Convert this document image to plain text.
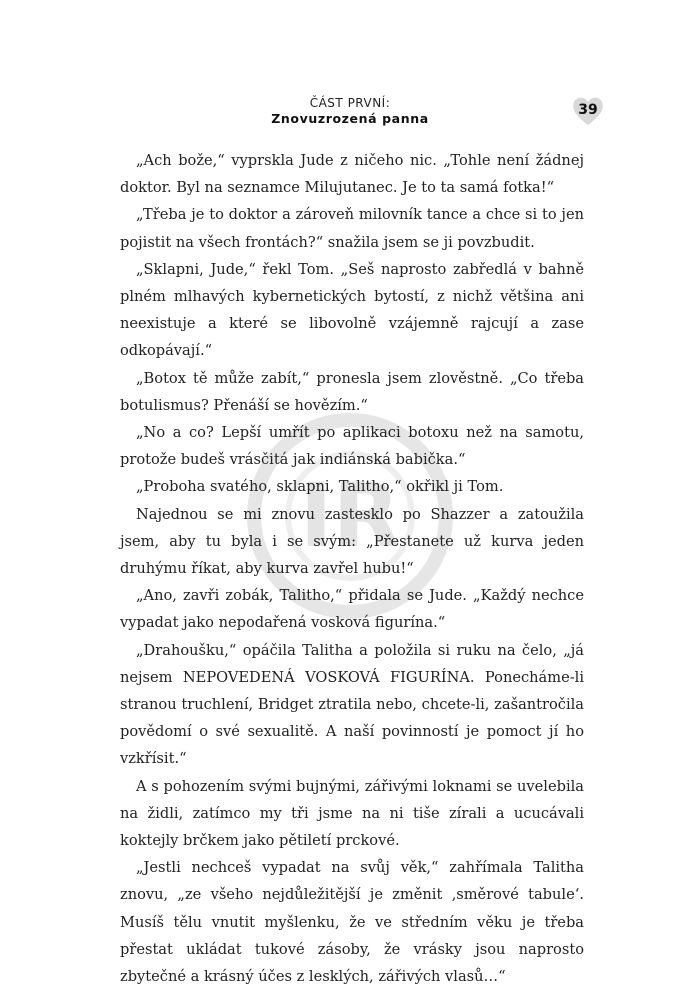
ČÁST PRVNÍ:
Znovuzrozená panna
39
IR

„Ach bože,“ vyprskla Jude z ničeho nic. „Tohle není žádnej doktor. Byl na seznamce Milujutanec. Je to ta samá fotka!“

„Třeba je to doktor a zároveň milovník tance a chce si to jen pojistit na všech frontách?“ snažila jsem se ji povzbudit.

„Sklapni, Jude,“ řekl Tom. „Seš naprosto zabředlá v bahně plném mlhavých kybernetických bytostí, z nichž většina ani neexistuje a které se libovolně vzájemně rajcují a zase odkopávají.“

„Botox tě může zabít,“ pronesla jsem zlověstně. „Co třeba botulismus? Přenáší se hovězím.“

„No a co? Lepší umřít po aplikaci botoxu než na samotu, protože budeš vrásčitá jak indiánská babička.“

„Proboha svatého, sklapni, Talitho,“ okřikl ji Tom.

Najednou se mi znovu zastesklo po Shazzer a zatoužila jsem, aby tu byla i se svým: „Přestanete už kurva jeden druhýmu říkat, aby kurva zavřel hubu!“

„Ano, zavři zobák, Talitho,“ přidala se Jude. „Každý nechce vypadat jako nepodařená vosková figurína.“

„Drahoušku,“ opáčila Talitha a položila si ruku na čelo, „já nejsem NEPOVEDENÁ VOSKOVÁ FIGURÍNA. Ponecháme-li stranou truchlení, Bridget ztratila nebo, chcete-li, zašantročila povědomí o své sexualitě. A naší povinností je pomoct jí ho vzkřísit.“

A s pohozením svými bujnými, zářivými loknami se uvelebila na židli, zatímco my tři jsme na ni tiše zírali a ucucávali koktejly brčkem jako pětiletí prckové.

„Jestli nechceš vypadat na svůj věk,“ zahřímala Talitha znovu, „ze všeho nejdůležitější je změnit ‚směrové tabule‘. Musíš tělu vnutit myšlenku, že ve středním věku je třeba přestat ukládat tukové zásoby, že vrásky jsou naprosto zbytečné a krásný účes z lesklých, zářivých vlasů…“
